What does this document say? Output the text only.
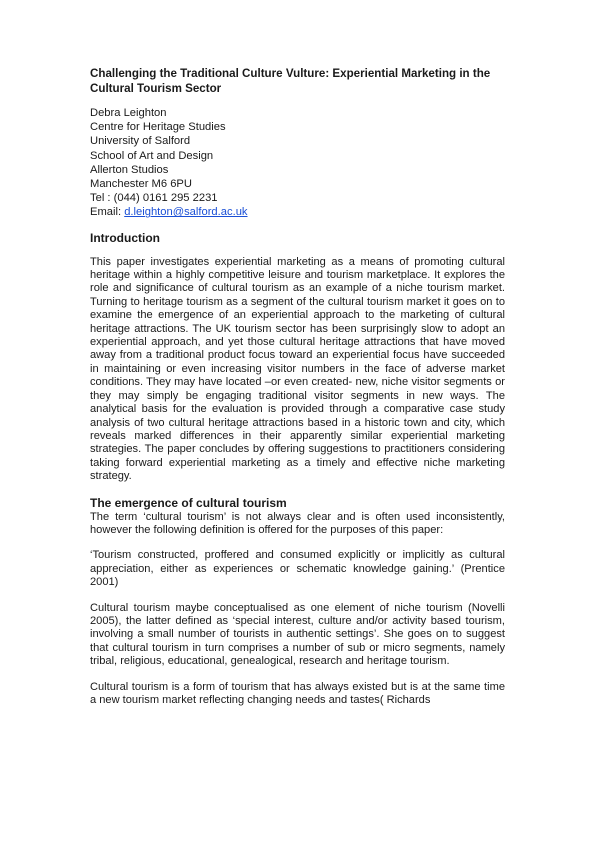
Challenging the Traditional Culture Vulture: Experiential Marketing in the Cultural Tourism Sector
Debra Leighton
Centre for Heritage Studies
University of Salford
School of Art and Design
Allerton Studios
Manchester M6 6PU
Tel : (044) 0161 295 2231
Email: d.leighton@salford.ac.uk
Introduction

This paper investigates experiential marketing as a means of promoting cultural heritage within a highly competitive leisure and tourism marketplace. It explores the role and significance of cultural tourism as an example of a niche tourism market. Turning to heritage tourism as a segment of the cultural tourism market it goes on to examine the emergence of an experiential approach to the marketing of cultural heritage attractions. The UK tourism sector has been surprisingly slow to adopt an experiential approach, and yet those cultural heritage attractions that have moved away from a traditional product focus toward an experiential focus have succeeded in maintaining or even increasing visitor numbers in the face of adverse market conditions. They may have located –or even created- new, niche visitor segments or they may simply be engaging traditional visitor segments in new ways. The analytical basis for the evaluation is provided through a comparative case study analysis of two cultural heritage attractions based in a historic town and city, which reveals marked differences in their apparently similar experiential marketing strategies. The paper concludes by offering suggestions to practitioners considering taking forward experiential marketing as a timely and effective niche marketing strategy.

The emergence of cultural tourism

The term ‘cultural tourism’ is not always clear and is often used inconsistently, however the following definition is offered for the purposes of this paper:

‘Tourism constructed, proffered and consumed explicitly or implicitly as cultural appreciation, either as experiences or schematic knowledge gaining.’ (Prentice 2001)

Cultural tourism maybe conceptualised as one element of niche tourism (Novelli 2005), the latter defined as ‘special interest, culture and/or activity based tourism, involving a small number of tourists in authentic settings’. She goes on to suggest that cultural tourism in turn comprises a number of sub or micro segments, namely tribal, religious, educational, genealogical, research and heritage tourism.

Cultural tourism is a form of tourism that has always existed but is at the same time a new tourism market reflecting changing needs and tastes( Richards
